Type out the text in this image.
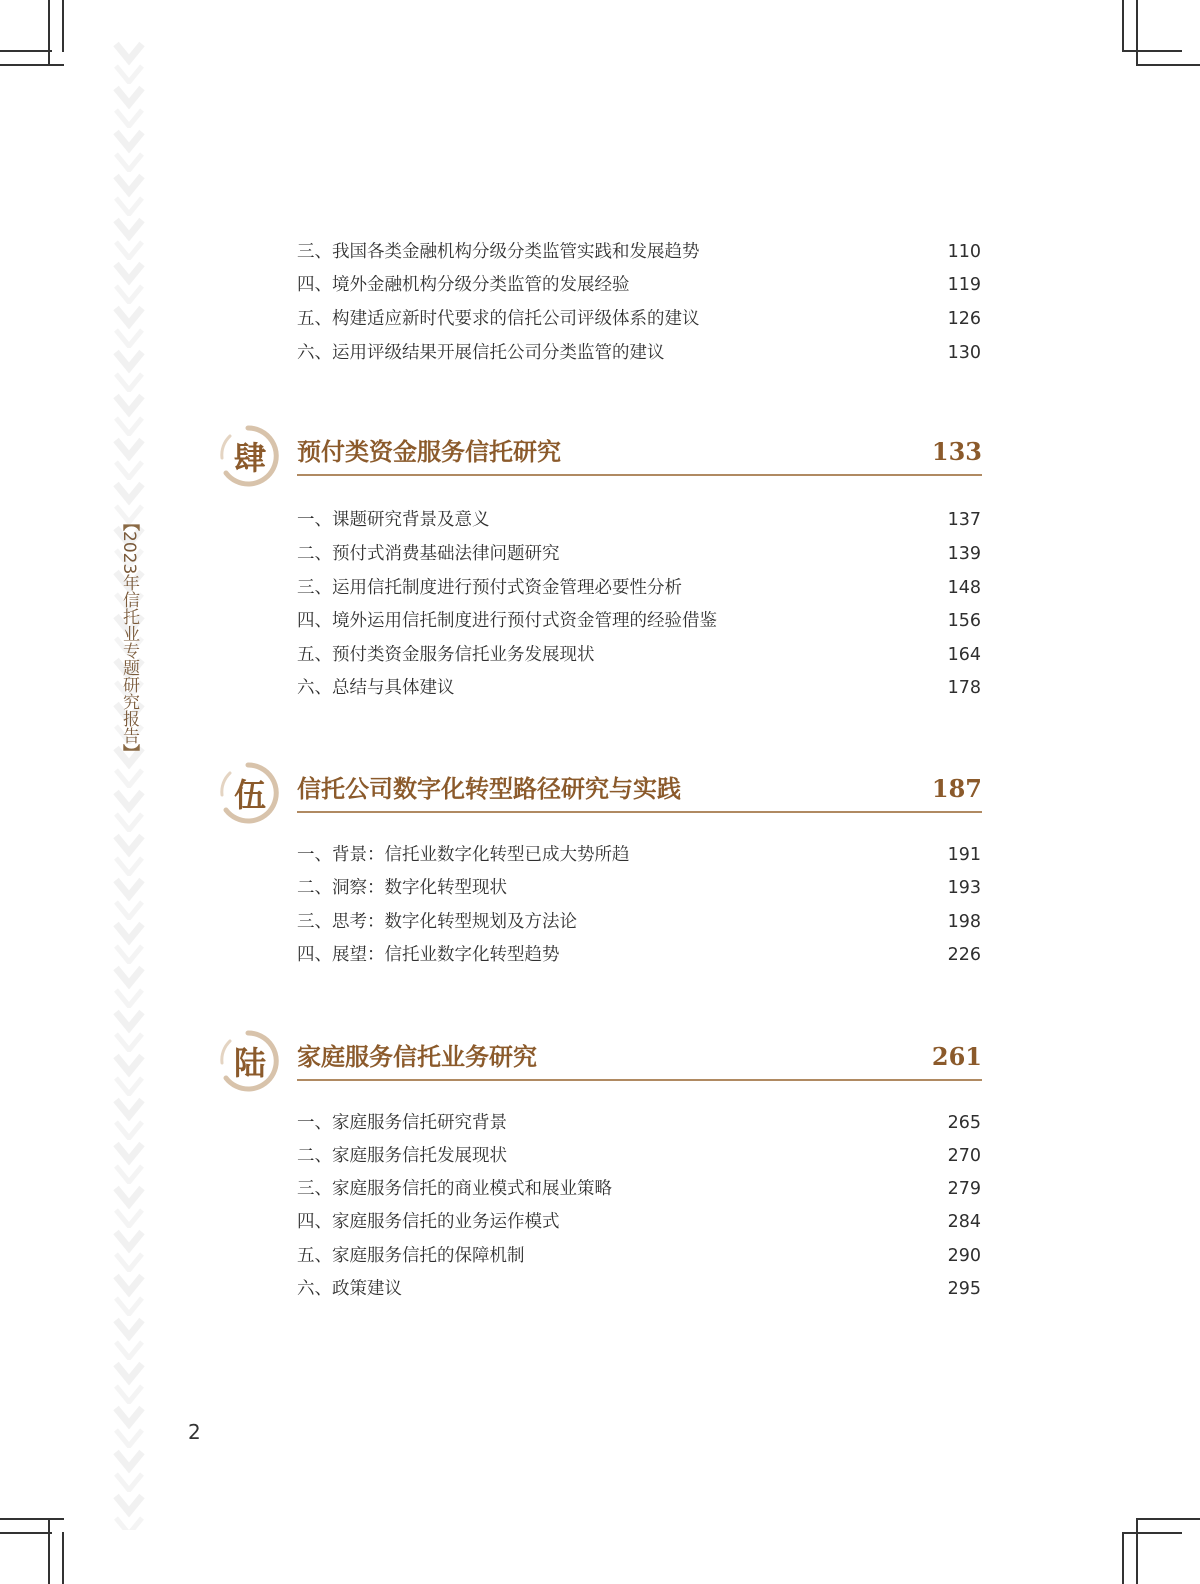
【2023年信托业专题研究报告】
三、我国各类金融机构分级分类监管实践和发展趋势	110
四、境外金融机构分级分类监管的发展经验	119
五、构建适应新时代要求的信托公司评级体系的建议	126
六、运用评级结果开展信托公司分类监管的建议	130
肆	预付类资金服务信托研究	133
一、课题研究背景及意义	137
二、预付式消费基础法律问题研究	139
三、运用信托制度进行预付式资金管理必要性分析	148
四、境外运用信托制度进行预付式资金管理的经验借鉴	156
五、预付类资金服务信托业务发展现状	164
六、总结与具体建议	178
伍	信托公司数字化转型路径研究与实践	187
一、背景：信托业数字化转型已成大势所趋	191
二、洞察：数字化转型现状	193
三、思考：数字化转型规划及方法论	198
四、展望：信托业数字化转型趋势	226
陆	家庭服务信托业务研究	261
一、家庭服务信托研究背景	265
二、家庭服务信托发展现状	270
三、家庭服务信托的商业模式和展业策略	279
四、家庭服务信托的业务运作模式	284
五、家庭服务信托的保障机制	290
六、政策建议	295
2
